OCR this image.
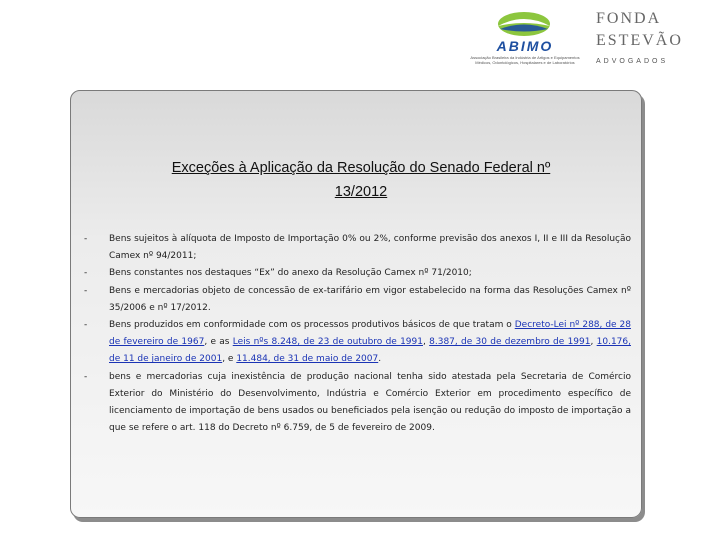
ABIMO
Associação Brasileira da Indústria de Artigos e Equipamentos Médicos, Odontológicos, Hospitalares e de Laboratórios
FONDA
ESTEVÃO
ADVOGADOS
Exceções à Aplicação da Resolução do Senado Federal nº
13/2012
- Bens sujeitos à alíquota de Imposto de Importação 0% ou 2%, conforme previsão dos anexos I, II e III da Resolução Camex nº 94/2011;
- Bens constantes nos destaques “Ex” do anexo da Resolução Camex nº 71/2010;
- Bens e mercadorias objeto de concessão de ex-tarifário em vigor estabelecido na forma das Resoluções Camex nº 35/2006 e nº 17/2012.
- Bens produzidos em conformidade com os processos produtivos básicos de que tratam o Decreto-Lei nº 288, de 28 de fevereiro de 1967, e as Leis nºs 8.248, de 23 de outubro de 1991, 8.387, de 30 de dezembro de 1991, 10.176, de 11 de janeiro de 2001, e 11.484, de 31 de maio de 2007.
- bens e mercadorias cuja inexistência de produção nacional tenha sido atestada pela Secretaria de Comércio Exterior do Ministério do Desenvolvimento, Indústria e Comércio Exterior em procedimento específico de licenciamento de importação de bens usados ou beneficiados pela isenção ou redução do imposto de importação a que se refere o art. 118 do Decreto nº 6.759, de 5 de fevereiro de 2009.
